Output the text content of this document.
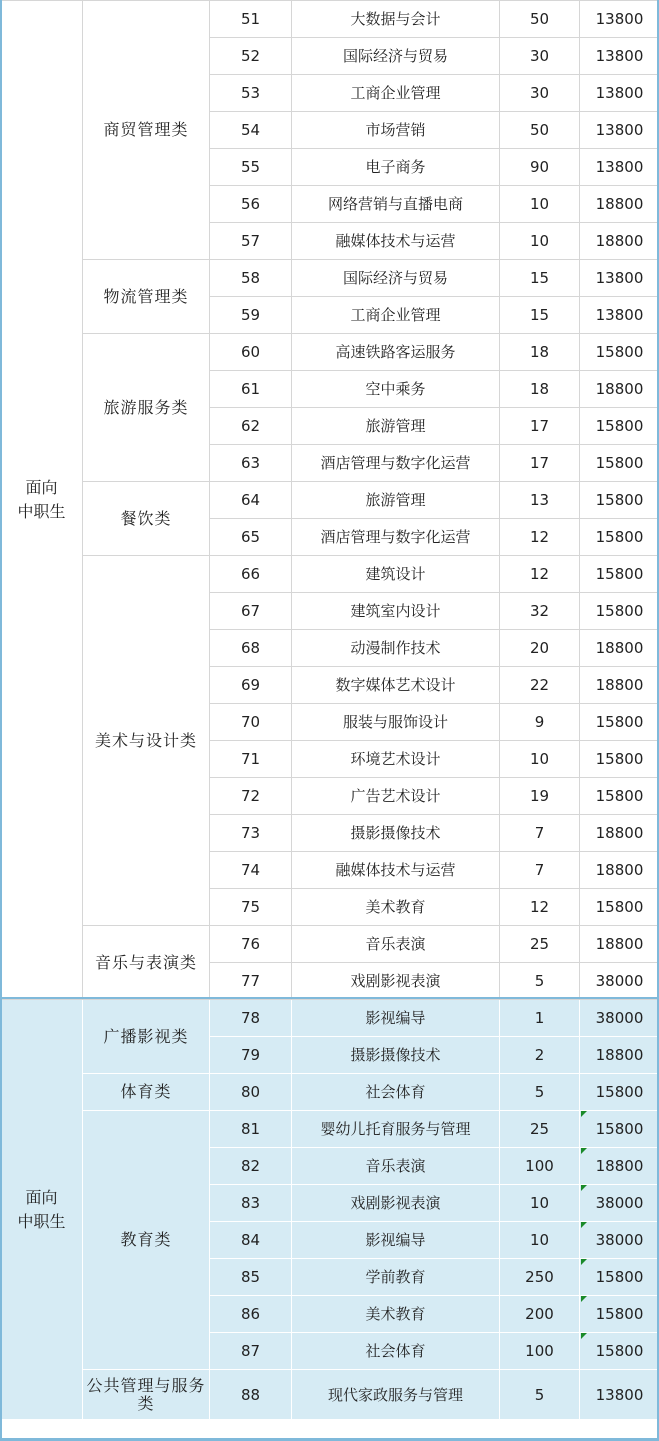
面向
中职生	商贸管理类	51	大数据与会计	50	13800
		52	国际经济与贸易	30	13800
		53	工商企业管理	30	13800
		54	市场营销	50	13800
		55	电子商务	90	13800
		56	网络营销与直播电商	10	18800
		57	融媒体技术与运营	10	18800
	物流管理类	58	国际经济与贸易	15	13800
		59	工商企业管理	15	13800
	旅游服务类	60	高速铁路客运服务	18	15800
		61	空中乘务	18	18800
		62	旅游管理	17	15800
		63	酒店管理与数字化运营	17	15800
	餐饮类	64	旅游管理	13	15800
		65	酒店管理与数字化运营	12	15800
	美术与设计类	66	建筑设计	12	15800
		67	建筑室内设计	32	15800
		68	动漫制作技术	20	18800
		69	数字媒体艺术设计	22	18800
		70	服装与服饰设计	9	15800
		71	环境艺术设计	10	15800
		72	广告艺术设计	19	15800
		73	摄影摄像技术	7	18800
		74	融媒体技术与运营	7	18800
		75	美术教育	12	15800
	音乐与表演类	76	音乐表演	25	18800
		77	戏剧影视表演	5	38000
面向
中职生	广播影视类	78	影视编导	1	38000
		79	摄影摄像技术	2	18800
	体育类	80	社会体育	5	15800
	教育类	81	婴幼儿托育服务与管理	25	15800

		82	音乐表演	100	18800

		83	戏剧影视表演	10	38000

		84	影视编导	10	38000

		85	学前教育	250	15800

		86	美术教育	200	15800

		87	社会体育	100	15800

	公共管理与服务类	88	现代家政服务与管理	5	13800
